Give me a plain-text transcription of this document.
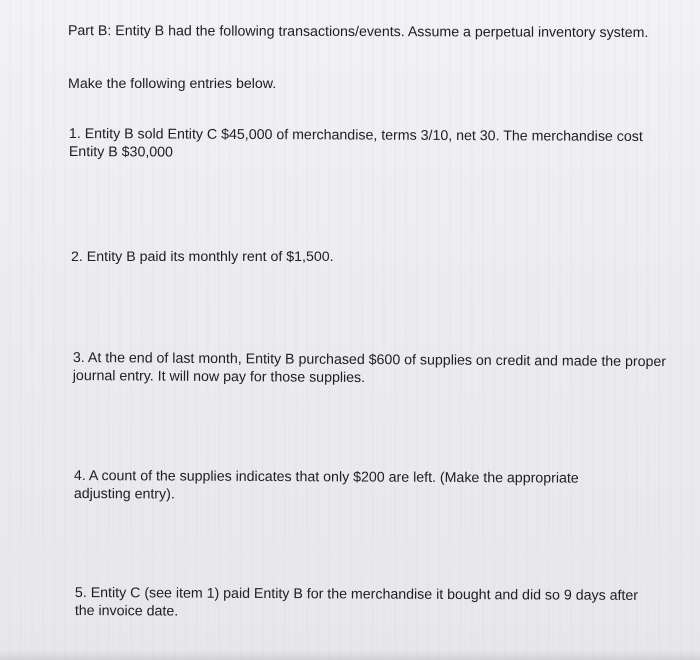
Part B: Entity B had the following transactions/events. Assume a perpetual inventory system.

Make the following entries below.

1. Entity B sold Entity C $45,000 of merchandise, terms 3/10, net 30. The merchandise cost Entity B $30,000

2. Entity B paid its monthly rent of $1,500.

3. At the end of last month, Entity B purchased $600 of supplies on credit and made the proper journal entry. It will now pay for those supplies.

4. A count of the supplies indicates that only $200 are left. (Make the appropriate adjusting entry).

5. Entity C (see item 1) paid Entity B for the merchandise it bought and did so 9 days after the invoice date.
